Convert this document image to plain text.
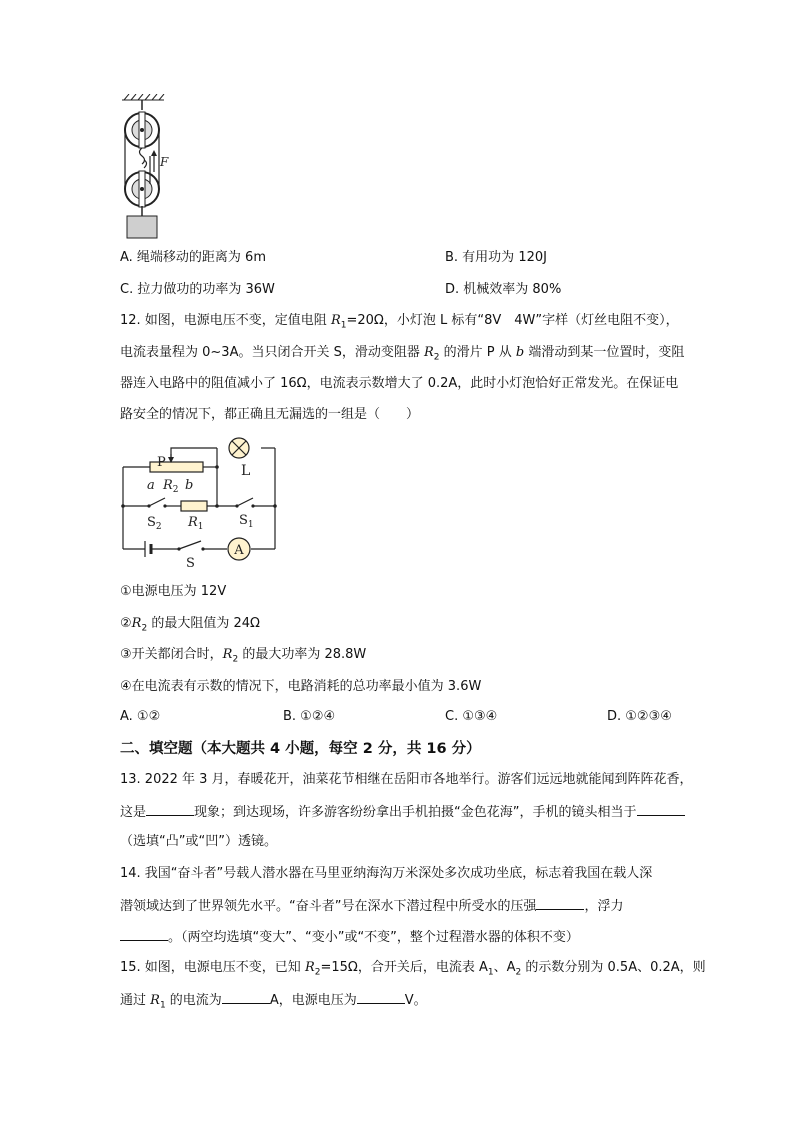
F
A. 绳端移动的距离为 6m	B. 有用功为 120J
C. 拉力做功的功率为 36W	D. 机械效率为 80%
12. 如图，电源电压不变，定值电阻 $R_1=20\Omega$，小灯泡 L 标有“8V　4W”字样（灯丝电阻不变），
电流表量程为 0~3A。当只闭合开关 S，滑动变阻器 $R_2$ 的滑片 P 从 b 端滑动到某一位置时，变阻
器连入电路中的阻值减小了 16Ω，电流表示数增大了 0.2A，此时小灯泡恰好正常发光。在保证电
路安全的情况下，都正确且无漏选的一组是（　　）
A
P
a $R_2$ b
L
$S_2$ $R_1$	$S_1$
S
①电源电压为 12V
$②R_2$ 的最大阻值为 24Ω
③开关都闭合时，$R_2$ 的最大功率为 28.8W
④在电流表有示数的情况下，电路消耗的总功率最小值为 3.6W
A. ①②	B. ①②④	C. ①③④	D. ①②③④
二、填空题（本大题共 4 小题，每空 2 分，共 16 分）
13. 2022 年 3 月，春暖花开，油菜花节相继在岳阳市各地举行。游客们远远地就能闻到阵阵花香，
这是	现象；到达现场，许多游客纷纷拿出手机拍摄“金色花海”，手机的镜头相当于
（选填“凸”或“凹”）透镜。
14. 我国“奋斗者”号载人潜水器在马里亚纳海沟万米深处多次成功坐底，标志着我国在载人深
潜领域达到了世界领先水平。“奋斗者”号在深水下潜过程中所受水的压强	，浮力
。（两空均选填“变大”、“变小”或“不变”，整个过程潜水器的体积不变）
15. 如图，电源电压不变，已知 $R_2=15\Omega$，合开关后，电流表 $A_1$、$A_2$ 的示数分别为 0.5A、0.2A，则
通过 $R_1$ 的电流为	A，电源电压为	V。
